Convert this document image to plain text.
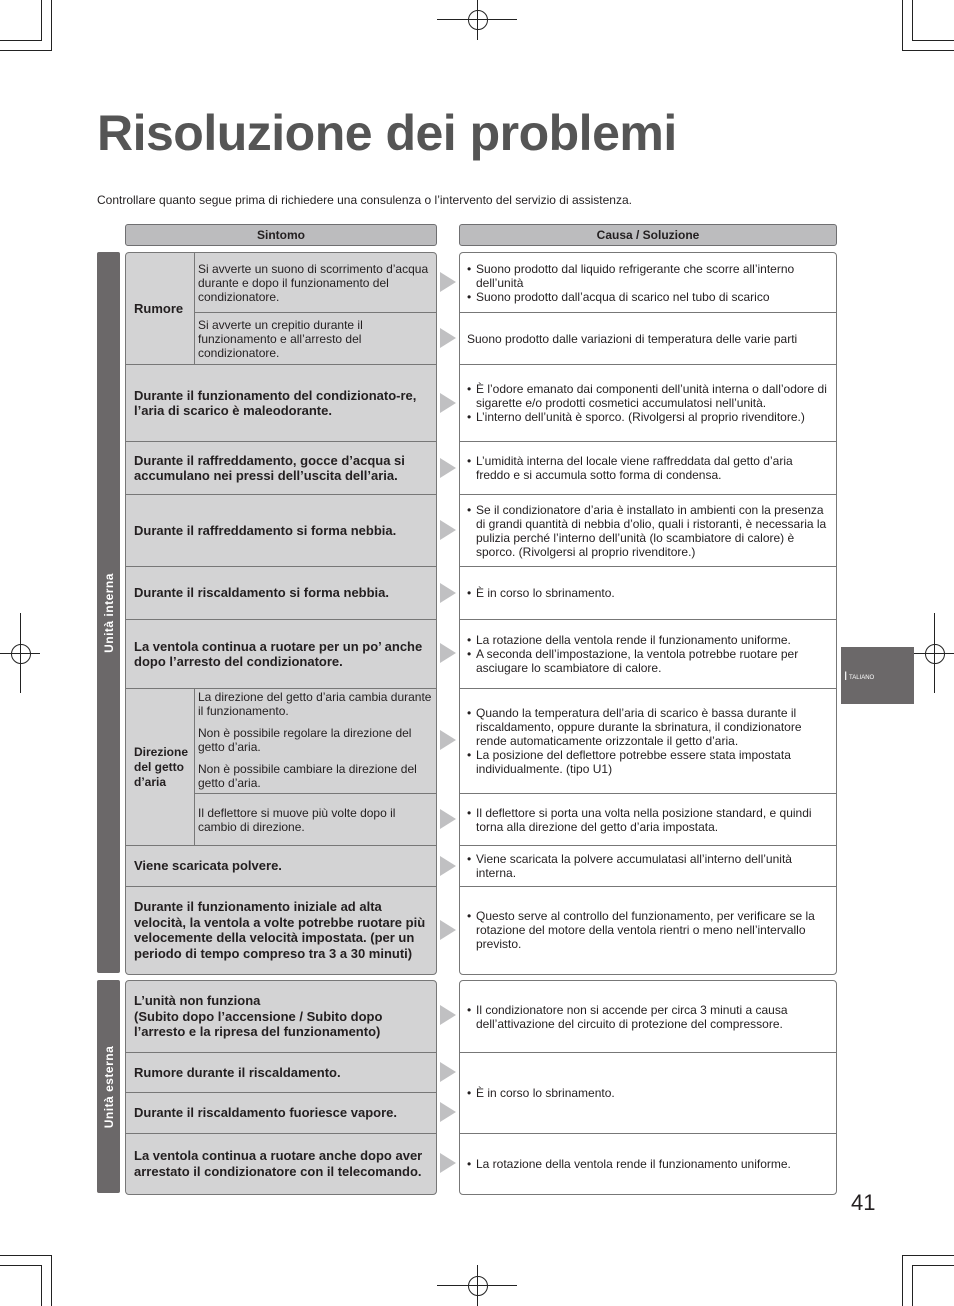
Risoluzione dei problemi
Controllare quanto segue prima di richiedere una consulenza o l’intervento del servizio di assistenza.
Sintomo	Causa / Soluzione
Unità interna
Unità esterna
Rumore
Si avverte un suono di scorrimento d’acqua durante e dopo il funzionamento del condizionatore.
Si avverte un crepitio durante il funzionamento e all’arresto del condizionatore.
Durante il funzionamento del condizionato-re, l’aria di scarico è maleodorante.
Durante il raffreddamento, gocce d’acqua si accumulano nei pressi dell’uscita dell’aria.
Durante il raffreddamento si forma nebbia.
Durante il riscaldamento si forma nebbia.
La ventola continua a ruotare per un po’ anche dopo l’arresto del condizionatore.
Direzione del getto d’aria
La direzione del getto d’aria cambia durante il funzionamento.
Non è possibile regolare la direzione del getto d’aria.
Non è possibile cambiare la direzione del getto d’aria.
Il deflettore si muove più volte dopo il cambio di direzione.
Viene scaricata polvere.
Durante il funzionamento iniziale ad alta velocità, la ventola a volte potrebbe ruotare più velocemente della velocità impostata. (per un periodo di tempo compreso tra 3 a 30 minuti)
• Suono prodotto dal liquido refrigerante che scorre all’interno dell’unità
• Suono prodotto dall’acqua di scarico nel tubo di scarico
Suono prodotto dalle variazioni di temperatura delle varie parti
• È l’odore emanato dai componenti dell’unità interna o dall’odore di sigarette e/o prodotti cosmetici accumulatosi nell’unità.
• L’interno dell’unità è sporco. (Rivolgersi al proprio rivenditore.)
• L’umidità interna del locale viene raffreddata dal getto d’aria freddo e si accumula sotto forma di condensa.
• Se il condizionatore d’aria è installato in ambienti con la presenza di grandi quantità di nebbia d’olio, quali i ristoranti, è necessaria la pulizia perché l’interno dell’unità (lo scambiatore di calore) è sporco. (Rivolgersi al proprio rivenditore.)
• È in corso lo sbrinamento.
• La rotazione della ventola rende il funzionamento uniforme.
• A seconda dell’impostazione, la ventola potrebbe ruotare per asciugare lo scambiatore di calore.
• Quando la temperatura dell’aria di scarico è bassa durante il riscaldamento, oppure durante la sbrinatura, il condizionatore rende automaticamente orizzontale il getto d’aria.
• La posizione del deflettore potrebbe essere stata impostata individualmente. (tipo U1)
• Il deflettore si porta una volta nella posizione standard, e quindi torna alla direzione del getto d’aria impostata.
• Viene scaricata la polvere accumulatasi all’interno dell’unità interna.
• Questo serve al controllo del funzionamento, per verificare se la rotazione del motore della ventola rientri o meno nell’intervallo previsto.
L’unità non funziona
(Subito dopo l’accensione / Subito dopo l’arresto e la ripresa del funzionamento)
Rumore durante il riscaldamento.
Durante il riscaldamento fuoriesce vapore.
La ventola continua a ruotare anche dopo aver arrestato il condizionatore con il telecomando.
• Il condizionatore non si accende per circa 3 minuti a causa dell’attivazione del circuito di protezione del compressore.
• È in corso lo sbrinamento.
• La rotazione della ventola rende il funzionamento uniforme.
I TALIANO
41
